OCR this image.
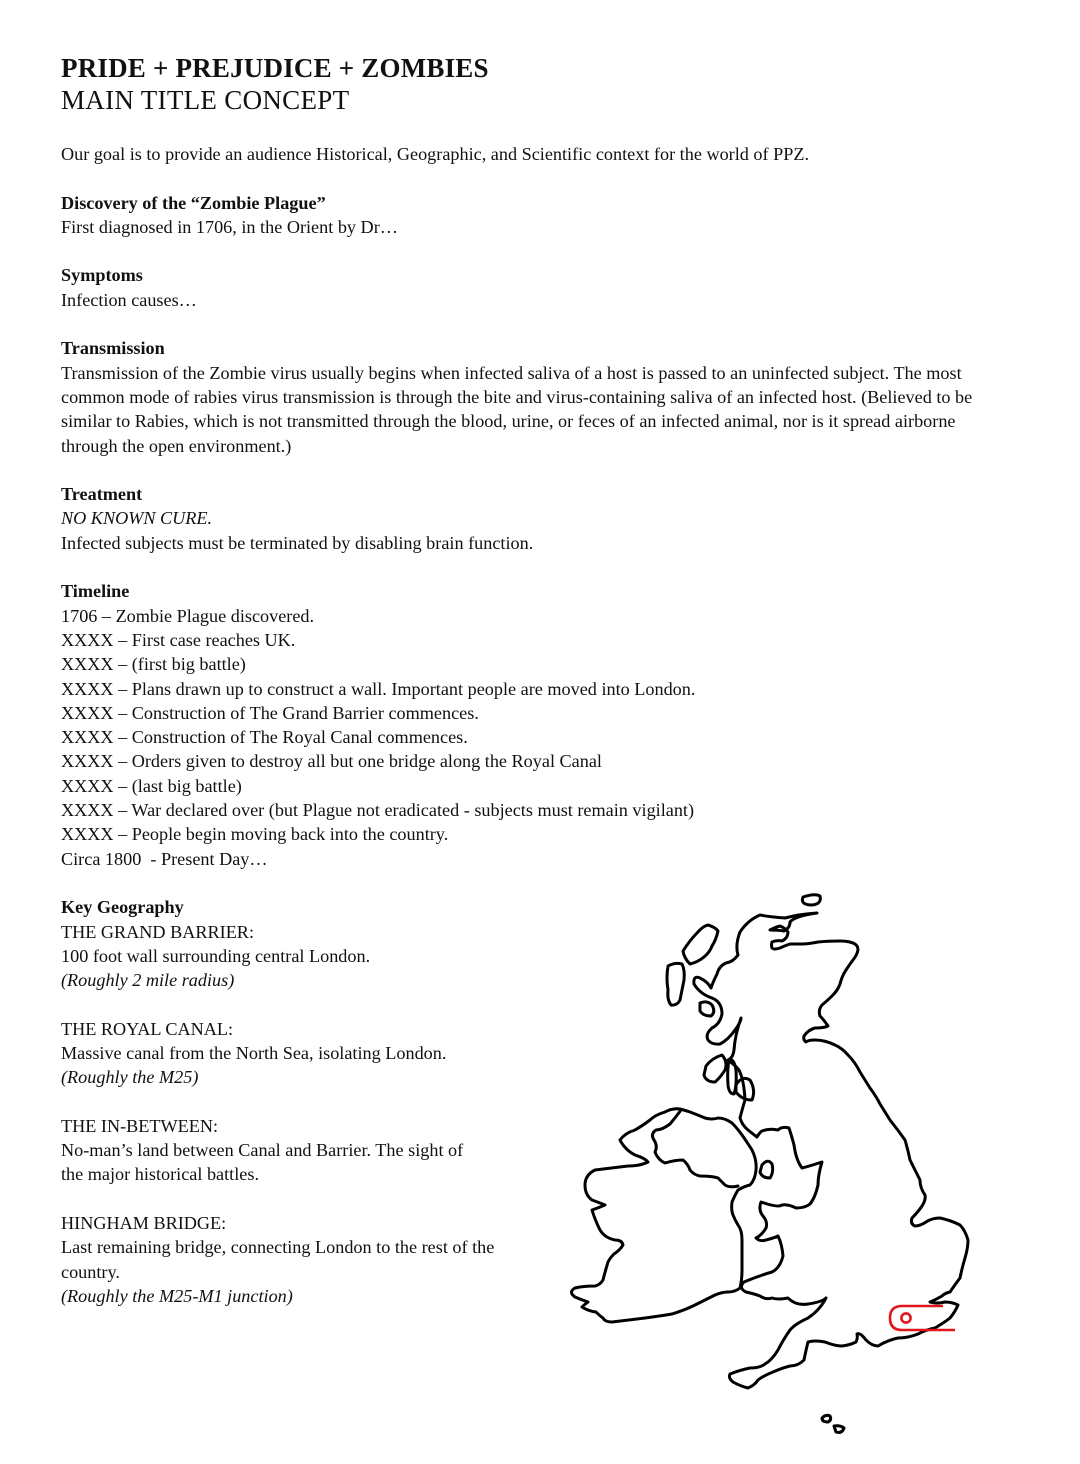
PRIDE + PREJUDICE + ZOMBIES
MAIN TITLE CONCEPT

Our goal is to provide an audience Historical, Geographic, and Scientific context for the world of PPZ.

Discovery of the “Zombie Plague”

First diagnosed in 1706, in the Orient by Dr…

Symptoms

Infection causes…

Transmission

Transmission of the Zombie virus usually begins when infected saliva of a host is passed to an uninfected subject. The most common mode of rabies virus transmission is through the bite and virus-containing saliva of an infected host. (Believed to be similar to Rabies, which is not transmitted through the blood, urine, or feces of an infected animal, nor is it spread airborne through the open environment.)

Treatment

NO KNOWN CURE.

Infected subjects must be terminated by disabling brain function.

Timeline
1706 – Zombie Plague discovered.
XXXX – First case reaches UK.
XXXX – (first big battle)
XXXX – Plans drawn up to construct a wall. Important people are moved into London.
XXXX – Construction of The Grand Barrier commences.
XXXX – Construction of The Royal Canal commences.
XXXX – Orders given to destroy all but one bridge along the Royal Canal
XXXX – (last big battle)
XXXX – War declared over (but Plague not eradicated - subjects must remain vigilant)
XXXX – People begin moving back into the country.
Circa 1800  - Present Day…
Key Geography

THE GRAND BARRIER:

100 foot wall surrounding central London.

(Roughly 2 mile radius)

THE ROYAL CANAL:

Massive canal from the North Sea, isolating London.

(Roughly the M25)

THE IN-BETWEEN:

No-man’s land between Canal and Barrier. The sight of the major historical battles.

HINGHAM BRIDGE:

Last remaining bridge, connecting London to the rest of the country.

(Roughly the M25-M1 junction)
